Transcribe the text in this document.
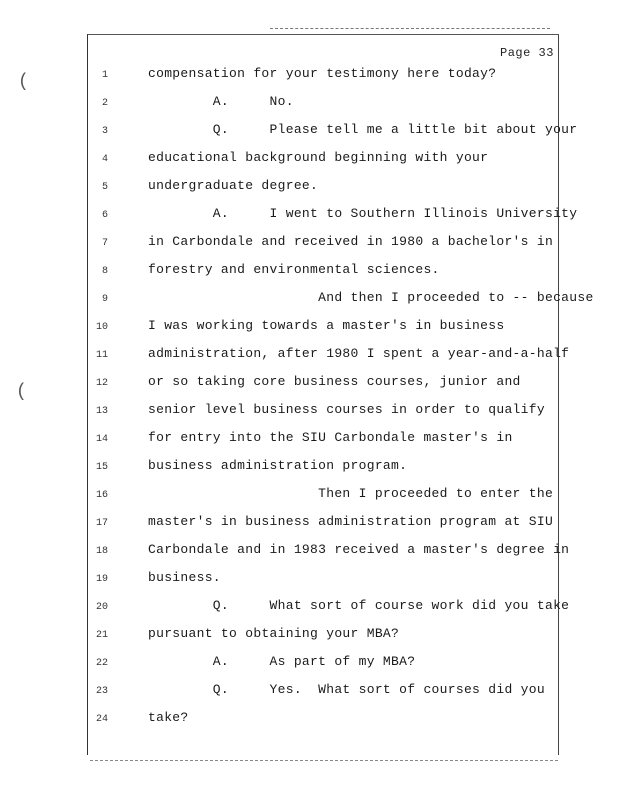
Page 33
(
(
1	compensation for your testimony here today?
2	A.     No.
3	Q.     Please tell me a little bit about your
4	educational background beginning with your
5	undergraduate degree.
6	A.     I went to Southern Illinois University
7	in Carbondale and received in 1980 a bachelor's in
8	forestry and environmental sciences.
9	And then I proceeded to -- because
10	I was working towards a master's in business
11	administration, after 1980 I spent a year-and-a-half
12	or so taking core business courses, junior and
13	senior level business courses in order to qualify
14	for entry into the SIU Carbondale master's in
15	business administration program.
16	Then I proceeded to enter the
17	master's in business administration program at SIU
18	Carbondale and in 1983 received a master's degree in
19	business.
20	Q.     What sort of course work did you take
21	pursuant to obtaining your MBA?
22	A.     As part of my MBA?
23	Q.     Yes.  What sort of courses did you
24	take?
